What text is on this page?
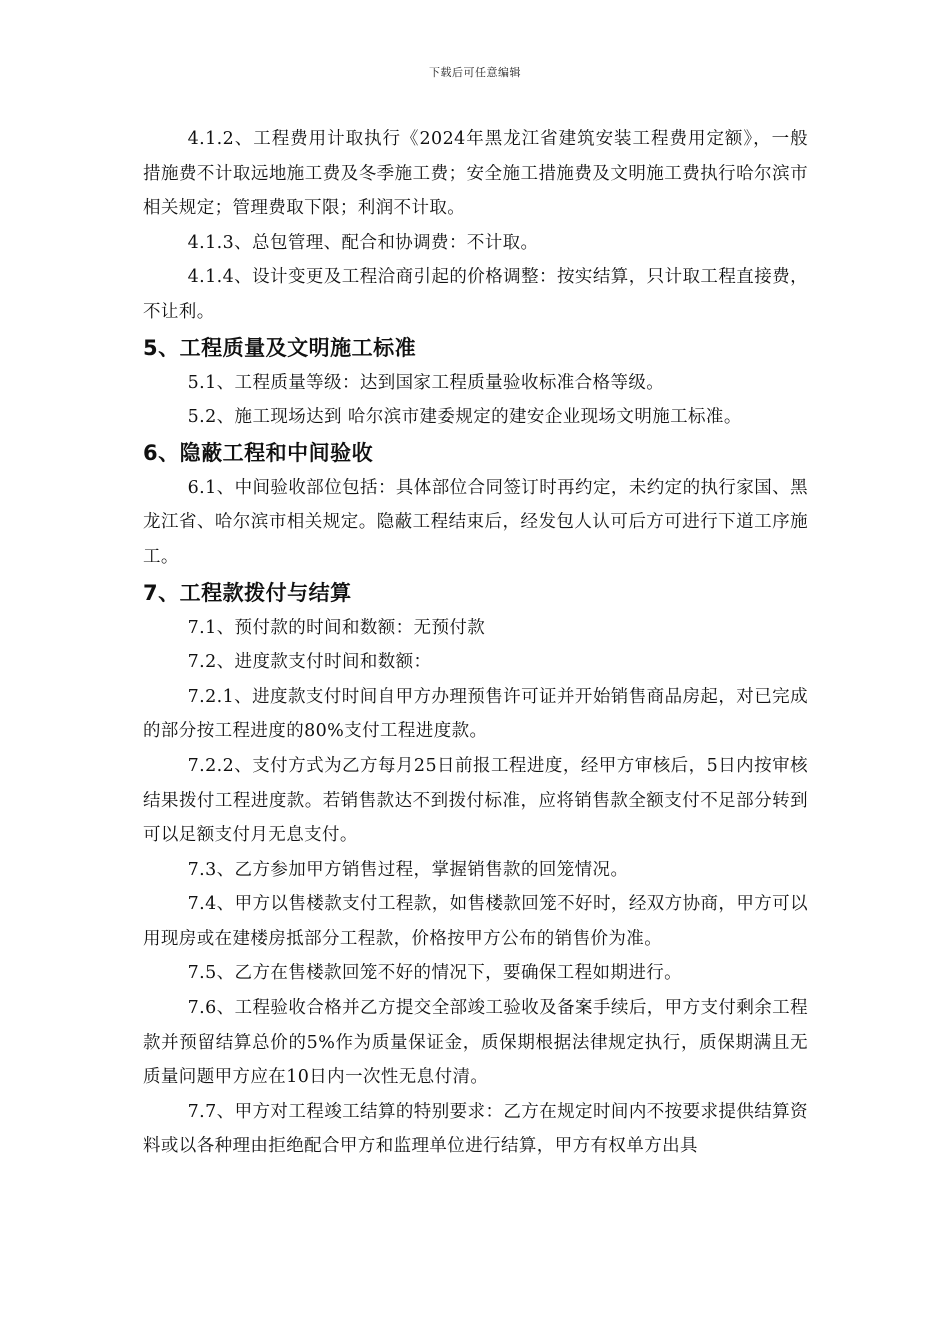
下载后可任意编辑

4.1.2、工程费用计取执行《2024年黑龙江省建筑安装工程费用定额》，一般措施费不计取远地施工费及冬季施工费；安全施工措施费及文明施工费执行哈尔滨市相关规定；管理费取下限；利润不计取。

4.1.3、总包管理、配合和协调费：不计取。

4.1.4、设计变更及工程洽商引起的价格调整：按实结算，只计取工程直接费，不让利。

5、工程质量及文明施工标准

5.1、工程质量等级：达到国家工程质量验收标准合格等级。

5.2、施工现场达到 哈尔滨市建委规定的建安企业现场文明施工标准。

6、隐蔽工程和中间验收

6.1、中间验收部位包括：具体部位合同签订时再约定，未约定的执行家国、黑龙江省、哈尔滨市相关规定。隐蔽工程结束后，经发包人认可后方可进行下道工序施工。

7、工程款拨付与结算

7.1、预付款的时间和数额：无预付款

7.2、进度款支付时间和数额：

7.2.1、进度款支付时间自甲方办理预售许可证并开始销售商品房起，对已完成的部分按工程进度的80%支付工程进度款。

7.2.2、支付方式为乙方每月25日前报工程进度，经甲方审核后，5日内按审核结果拨付工程进度款。若销售款达不到拨付标准，应将销售款全额支付不足部分转到可以足额支付月无息支付。

7.3、乙方参加甲方销售过程，掌握销售款的回笼情况。

7.4、甲方以售楼款支付工程款，如售楼款回笼不好时，经双方协商，甲方可以用现房或在建楼房抵部分工程款，价格按甲方公布的销售价为准。

7.5、乙方在售楼款回笼不好的情况下，要确保工程如期进行。

7.6、工程验收合格并乙方提交全部竣工验收及备案手续后，甲方支付剩余工程款并预留结算总价的5%作为质量保证金，质保期根据法律规定执行，质保期满且无质量问题甲方应在10日内一次性无息付清。

7.7、甲方对工程竣工结算的特别要求：乙方在规定时间内不按要求提供结算资料或以各种理由拒绝配合甲方和监理单位进行结算，甲方有权单方出具
